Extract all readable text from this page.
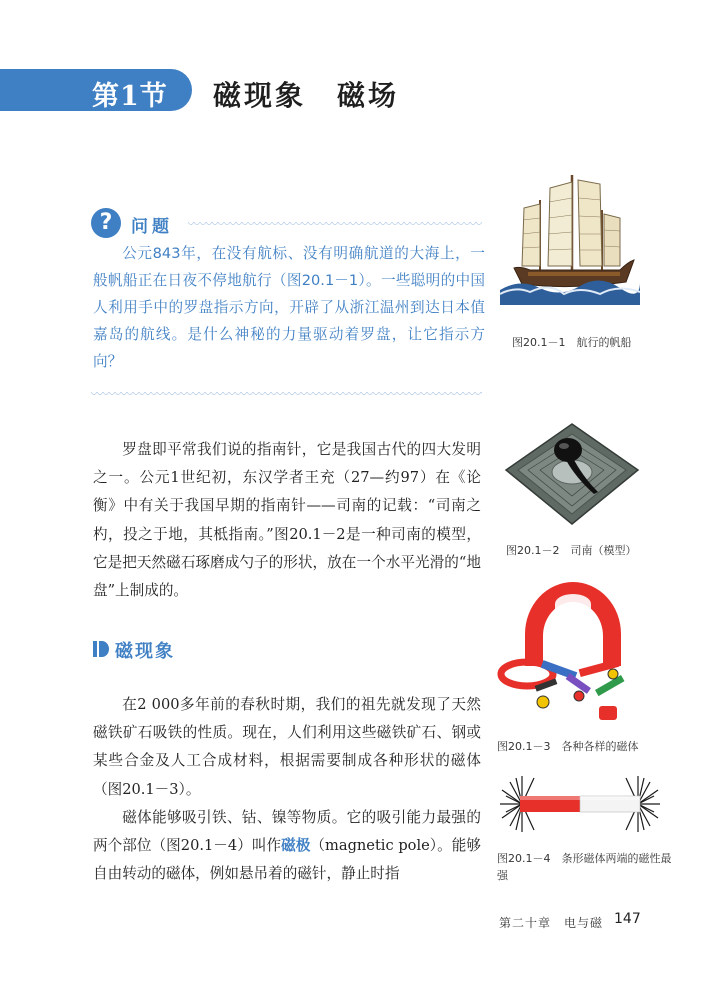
第1节 磁现象　磁场
?	问题

公元843年，在没有航标、没有明确航道的大海上，一般帆船正在日夜不停地航行（图20.1－1）。一些聪明的中国人利用手中的罗盘指示方向，开辟了从浙江温州到达日本值嘉岛的航线。是什么神秘的力量驱动着罗盘，让它指示方向？

罗盘即平常我们说的指南针，它是我国古代的四大发明之一。公元1世纪初，东汉学者王充（27—约97）在《论衡》中有关于我国早期的指南针——司南的记载：“司南之杓，投之于地，其柢指南。”图20.1－2是一种司南的模型，它是把天然磁石琢磨成勺子的形状，放在一个水平光滑的“地盘”上制成的。

磁现象

在2 000多年前的春秋时期，我们的祖先就发现了天然磁铁矿石吸铁的性质。现在，人们利用这些磁铁矿石、钢或某些合金及人工合成材料，根据需要制成各种形状的磁体（图20.1－3）。

磁体能够吸引铁、钴、镍等物质。它的吸引能力最强的两个部位（图20.1－4）叫作磁极（magnetic pole）。能够自由转动的磁体，例如悬吊着的磁针，静止时指

图20.1－1　航行的帆船
图20.1－2　司南（模型）
图20.1－3　各种各样的磁体
图20.1－4　条形磁体两端的磁性最强
第二十章　电与磁 147
